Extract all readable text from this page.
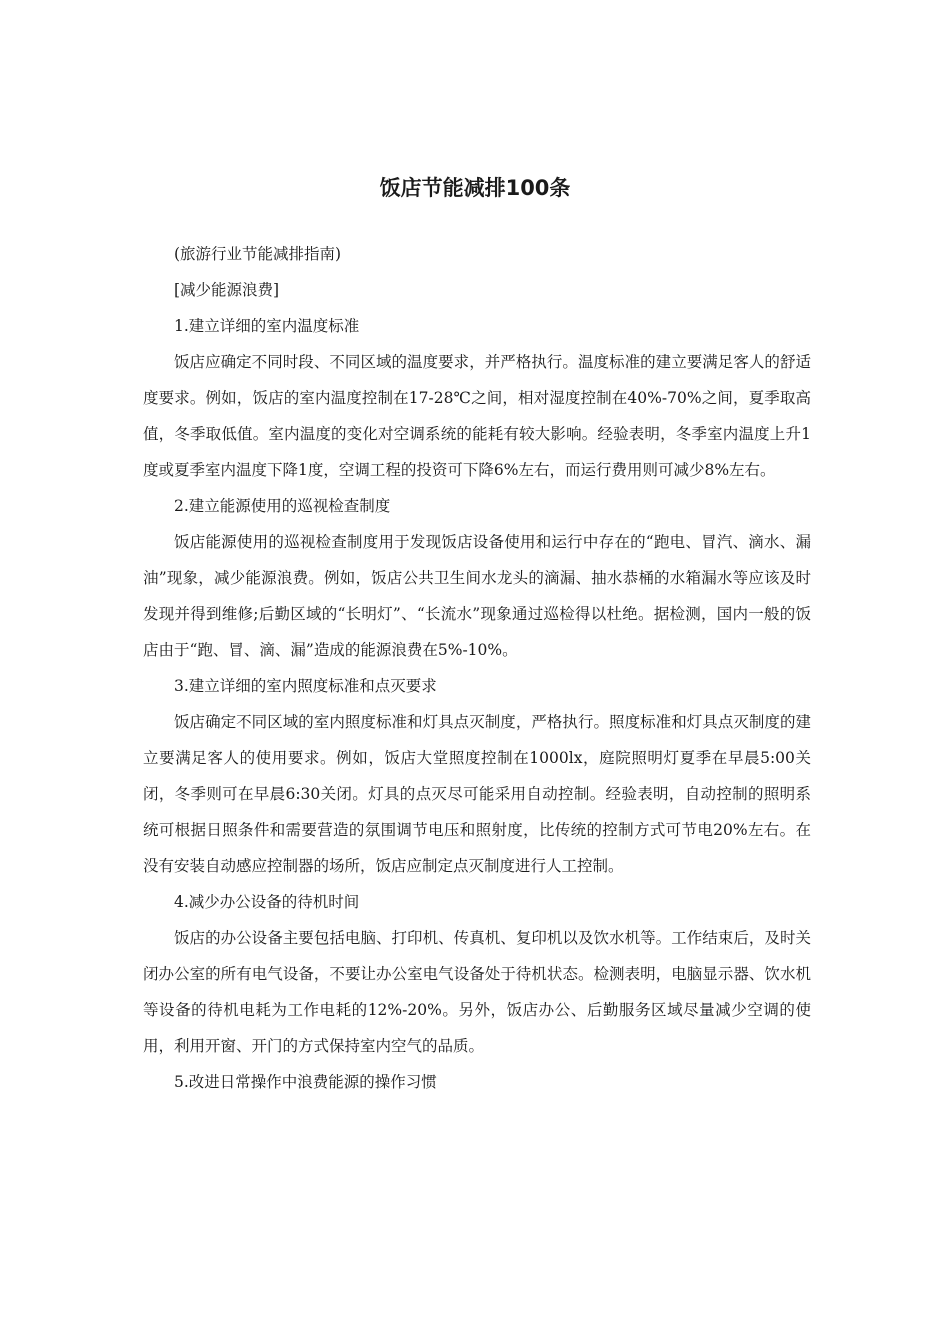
饭店节能减排100条

(旅游行业节能减排指南)

[减少能源浪费]

1.建立详细的室内温度标准

饭店应确定不同时段、不同区域的温度要求，并严格执行。温度标准的建立要满足客人的舒适度要求。例如，饭店的室内温度控制在17-28℃之间，相对湿度控制在40%-70%之间，夏季取高值，冬季取低值。室内温度的变化对空调系统的能耗有较大影响。经验表明，冬季室内温度上升1度或夏季室内温度下降1度，空调工程的投资可下降6%左右，而运行费用则可减少8%左右。

2.建立能源使用的巡视检查制度

饭店能源使用的巡视检查制度用于发现饭店设备使用和运行中存在的“跑电、冒汽、滴水、漏油”现象，减少能源浪费。例如，饭店公共卫生间水龙头的滴漏、抽水恭桶的水箱漏水等应该及时发现并得到维修;后勤区域的“长明灯”、“长流水”现象通过巡检得以杜绝。据检测，国内一般的饭店由于“跑、冒、滴、漏”造成的能源浪费在5%-10%。

3.建立详细的室内照度标准和点灭要求

饭店确定不同区域的室内照度标准和灯具点灭制度，严格执行。照度标准和灯具点灭制度的建立要满足客人的使用要求。例如，饭店大堂照度控制在1000lx，庭院照明灯夏季在早晨5:00关闭，冬季则可在早晨6:30关闭。灯具的点灭尽可能采用自动控制。经验表明，自动控制的照明系统可根据日照条件和需要营造的氛围调节电压和照射度，比传统的控制方式可节电20%左右。在没有安装自动感应控制器的场所，饭店应制定点灭制度进行人工控制。

4.减少办公设备的待机时间

饭店的办公设备主要包括电脑、打印机、传真机、复印机以及饮水机等。工作结束后，及时关闭办公室的所有电气设备，不要让办公室电气设备处于待机状态。检测表明，电脑显示器、饮水机等设备的待机电耗为工作电耗的12%-20%。另外，饭店办公、后勤服务区域尽量减少空调的使用，利用开窗、开门的方式保持室内空气的品质。

5.改进日常操作中浪费能源的操作习惯
